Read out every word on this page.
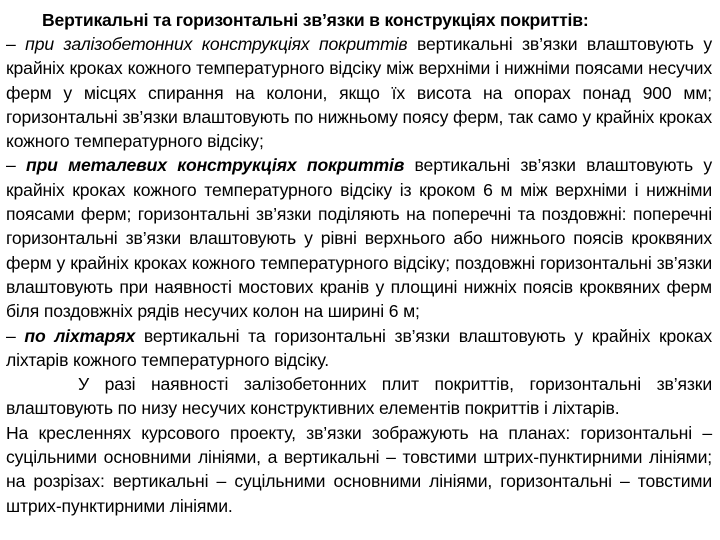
Вертикальні та горизонтальні зв’язки в конструкціях покриттів:

– при залізобетонних конструкціях покриттів вертикальні зв’язки влаштовують у крайніх кроках кожного температурного відсіку між верхніми і нижніми поясами несучих ферм у місцях спирання на колони, якщо їх висота на опорах понад 900 мм; горизонтальні зв’язки влаштовують по нижньому поясу ферм, так само у крайніх кроках кожного температурного відсіку;

– при металевих конструкціях покриттів вертикальні зв’язки влаштовують у крайніх кроках кожного температурного відсіку із кроком 6 м між верхніми і нижніми поясами ферм; горизонтальні зв’язки поділяють на поперечні та поздовжні: поперечні горизонтальні зв’язки влаштовують у рівні верхнього або нижнього поясів кроквяних ферм у крайніх кроках кожного температурного відсіку; поздовжні горизонтальні зв’язки влаштовують при наявності мостових кранів у площині нижніх поясів кроквяних ферм біля поздовжніх рядів несучих колон на ширині 6 м;

– по ліхтарях вертикальні та горизонтальні зв’язки влаштовують у крайніх кроках ліхтарів кожного температурного відсіку.

У разі наявності залізобетонних плит покриттів, горизонтальні зв’язки влаштовують по низу несучих конструктивних елементів покриттів і ліхтарів.

На кресленнях курсового проекту, зв’язки зображують на планах: горизонтальні – суцільними основними лініями, а вертикальні – товстими штрих-пунктирними лініями; на розрізах: вертикальні – суцільними основними лініями, горизонтальні – товстими штрих-пунктирними лініями.
